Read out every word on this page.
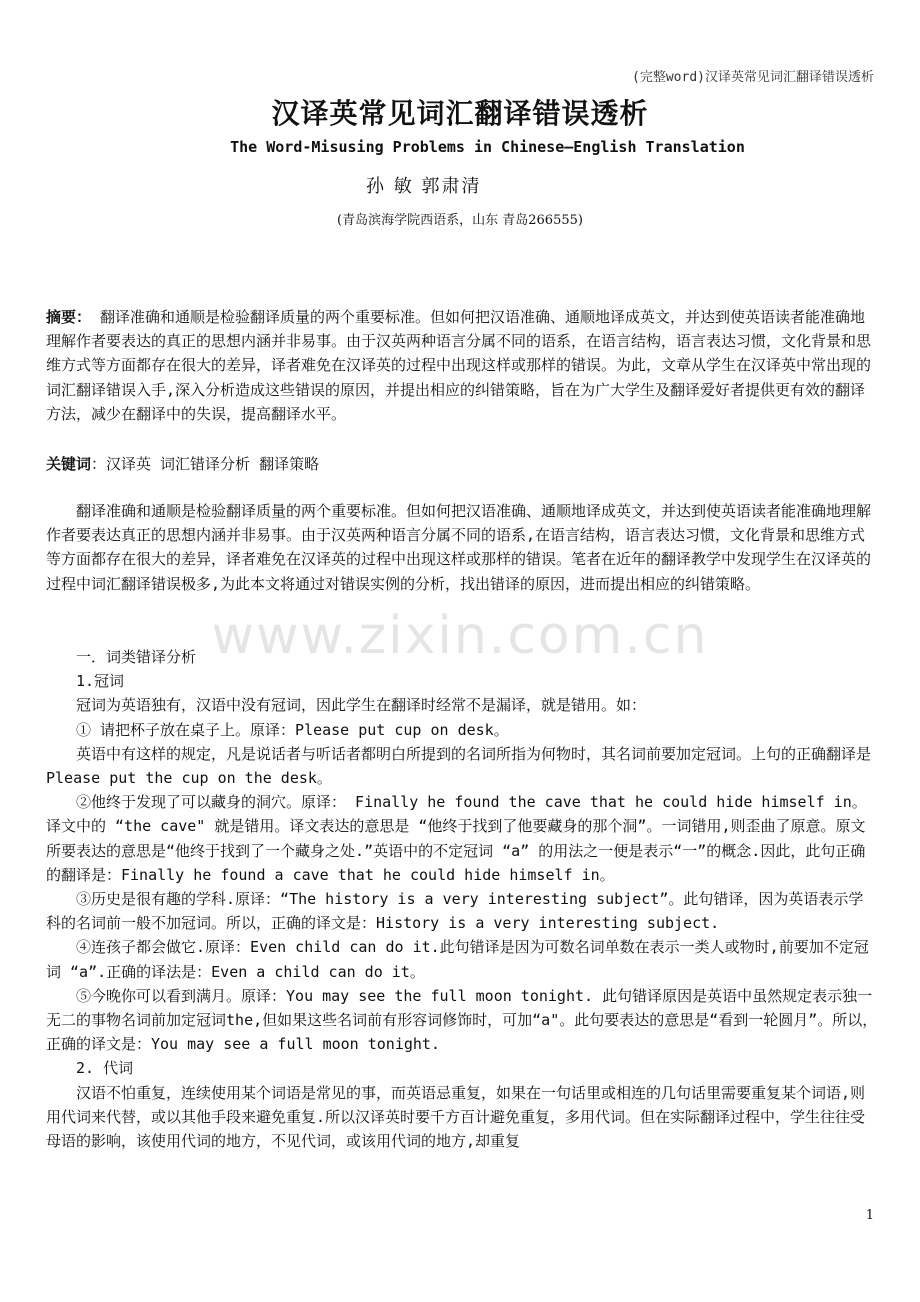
(完整word)汉译英常见词汇翻译错误透析
汉译英常见词汇翻译错误透析
The Word-Misusing Problems in Chinese—English Translation
孙 敏 郭肃清
(青岛滨海学院西语系，山东 青岛266555)
摘要： 翻译准确和通顺是检验翻译质量的两个重要标准。但如何把汉语准确、通顺地译成英文，并达到使英语读者能准确地理解作者要表达的真正的思想内涵并非易事。由于汉英两种语言分属不同的语系，在语言结构，语言表达习惯，文化背景和思维方式等方面都存在很大的差异，译者难免在汉译英的过程中出现这样或那样的错误。为此，文章从学生在汉译英中常出现的词汇翻译错误入手,深入分析造成这些错误的原因，并提出相应的纠错策略，旨在为广大学生及翻译爱好者提供更有效的翻译方法，减少在翻译中的失误，提高翻译水平。
关键词：汉译英 词汇错译分析 翻译策略

翻译准确和通顺是检验翻译质量的两个重要标准。但如何把汉语准确、通顺地译成英文，并达到使英语读者能准确地理解作者要表达真正的思想内涵并非易事。由于汉英两种语言分属不同的语系,在语言结构，语言表达习惯，文化背景和思维方式等方面都存在很大的差异，译者难免在汉译英的过程中出现这样或那样的错误。笔者在近年的翻译教学中发现学生在汉译英的过程中词汇翻译错误极多,为此本文将通过对错误实例的分析，找出错译的原因，进而提出相应的纠错策略。

www.zixin.com.cn

一．词类错译分析

1.冠词

冠词为英语独有，汉语中没有冠词，因此学生在翻译时经常不是漏译，就是错用。如：

① 请把杯子放在桌子上。原译：Please put cup on desk。

英语中有这样的规定，凡是说话者与听话者都明白所提到的名词所指为何物时，其名词前要加定冠词。上句的正确翻译是Please put the cup on the desk。

②他终于发现了可以藏身的洞穴。原译： Finally he found the cave that he could hide himself in。

译文中的 “the cave" 就是错用。译文表达的意思是 “他终于找到了他要藏身的那个洞”。一词错用,则歪曲了原意。原文所要表达的意思是“他终于找到了一个藏身之处.”英语中的不定冠词 “a” 的用法之一便是表示“一”的概念.因此，此句正确的翻译是：Finally he found a cave that he could hide himself in。

③历史是很有趣的学科.原译：“The history is a very interesting subject”。此句错译，因为英语表示学科的名词前一般不加冠词。所以，正确的译文是：History is a very interesting subject.

④连孩子都会做它.原译：Even child can do it.此句错译是因为可数名词单数在表示一类人或物时,前要加不定冠词 “a”.正确的译法是：Even a child can do it。

⑤今晚你可以看到满月。原译：You may see the full moon tonight. 此句错译原因是英语中虽然规定表示独一无二的事物名词前加定冠词the,但如果这些名词前有形容词修饰时，可加“a"。此句要表达的意思是“看到一轮圆月”。所以，正确的译文是：You may see a full moon tonight.

2. 代词

汉语不怕重复，连续使用某个词语是常见的事，而英语忌重复，如果在一句话里或相连的几句话里需要重复某个词语,则用代词来代替，或以其他手段来避免重复.所以汉译英时要千方百计避免重复，多用代词。但在实际翻译过程中，学生往往受母语的影响，该使用代词的地方，不见代词，或该用代词的地方,却重复

1
